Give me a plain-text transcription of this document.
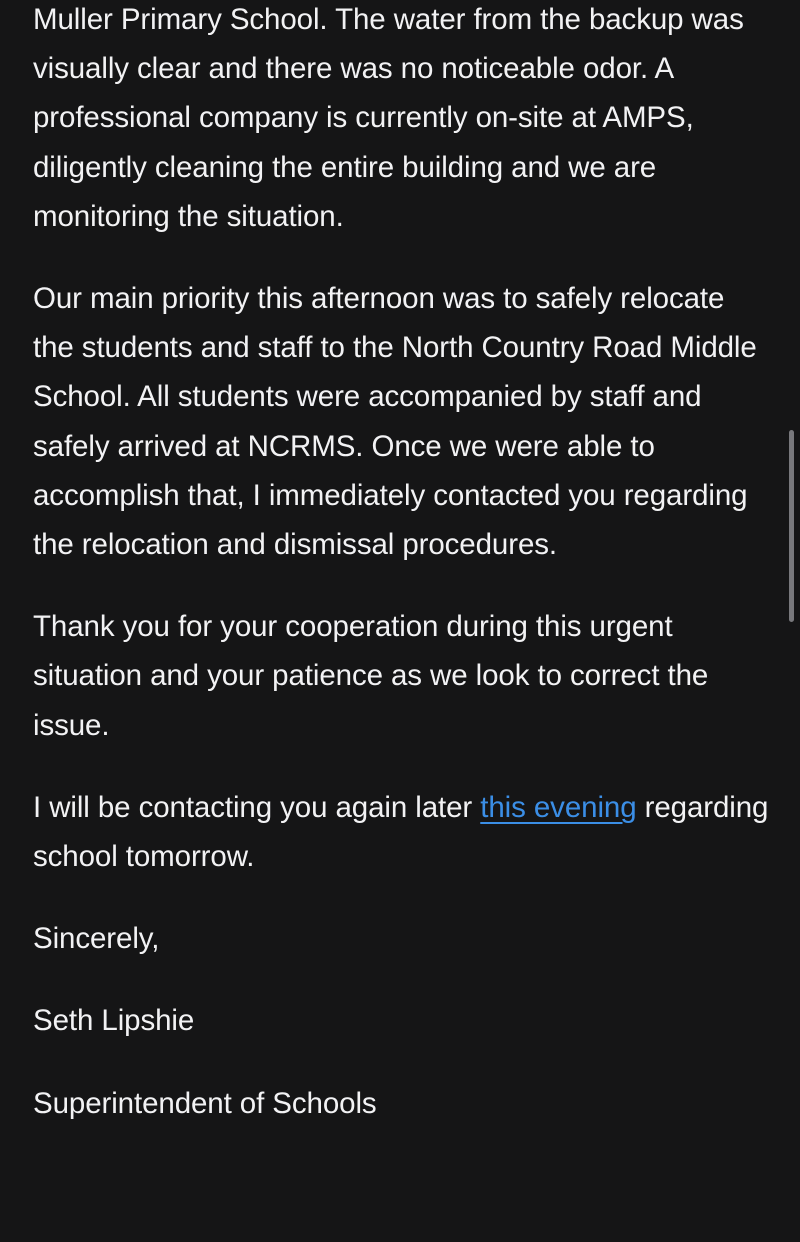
Muller Primary School. The water from the backup was visually clear and there was no noticeable odor. A professional company is currently on-site at AMPS, diligently cleaning the entire building and we are monitoring the situation.

Our main priority this afternoon was to safely relocate the students and staff to the North Country Road Middle School. All students were accompanied by staff and safely arrived at NCRMS. Once we were able to accomplish that, I immediately contacted you regarding the relocation and dismissal procedures.

Thank you for your cooperation during this urgent situation and your patience as we look to correct the issue.

I will be contacting you again later this evening regarding school tomorrow.

Sincerely,

Seth Lipshie

Superintendent of Schools
